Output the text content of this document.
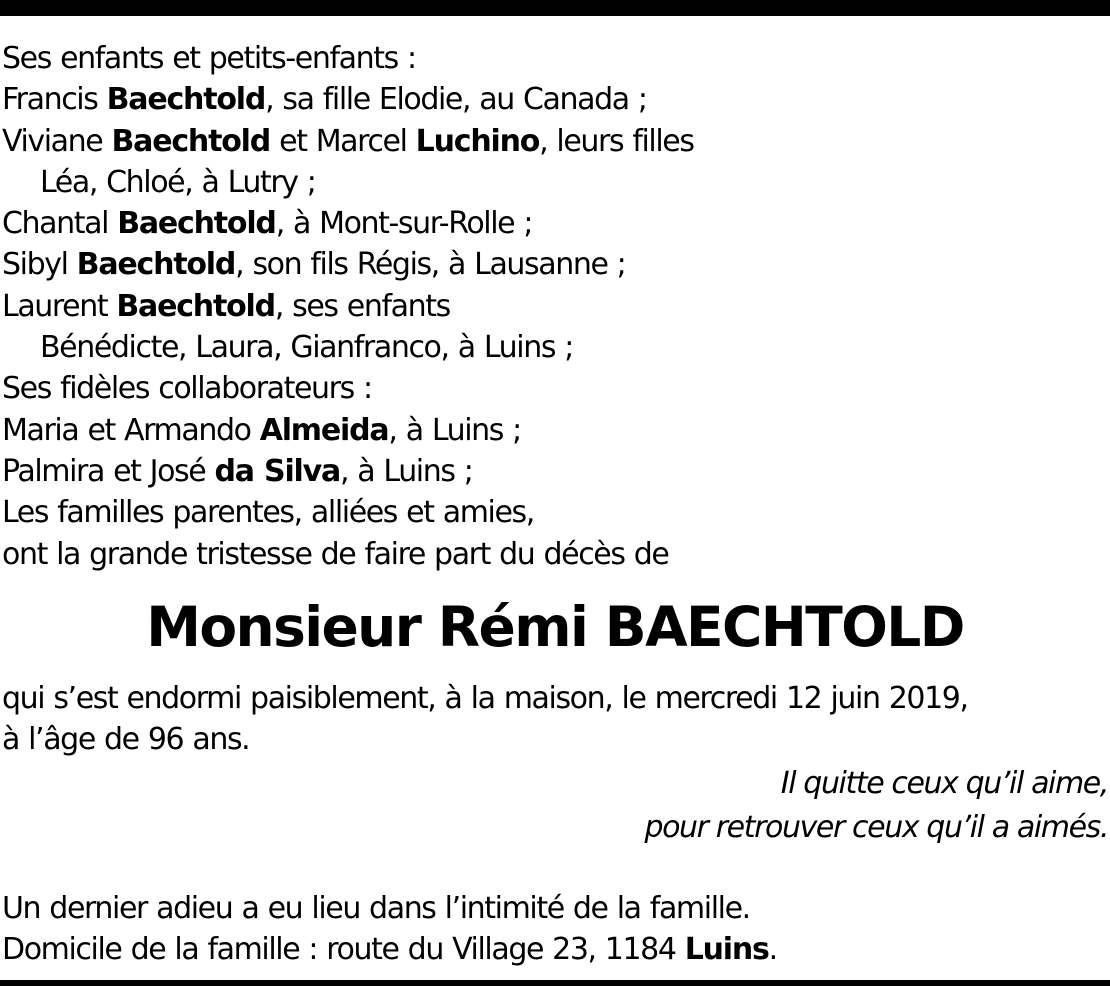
Ses enfants et petits-enfants :
Francis Baechtold, sa fille Elodie, au Canada ;
Viviane Baechtold et Marcel Luchino, leurs filles
Léa, Chloé, à Lutry ;
Chantal Baechtold, à Mont-sur-Rolle ;
Sibyl Baechtold, son fils Régis, à Lausanne ;
Laurent Baechtold, ses enfants
Bénédicte, Laura, Gianfranco, à Luins ;
Ses fidèles collaborateurs :
Maria et Armando Almeida, à Luins ;
Palmira et José da Silva, à Luins ;
Les familles parentes, alliées et amies,
ont la grande tristesse de faire part du décès de
Monsieur Rémi BAECHTOLD
qui s’est endormi paisiblement, à la maison, le mercredi 12 juin 2019,
à l’âge de 96 ans.
Il quitte ceux qu’il aime,
pour retrouver ceux qu’il a aimés.
Un dernier adieu a eu lieu dans l’intimité de la famille.
Domicile de la famille : route du Village 23, 1184 Luins.
